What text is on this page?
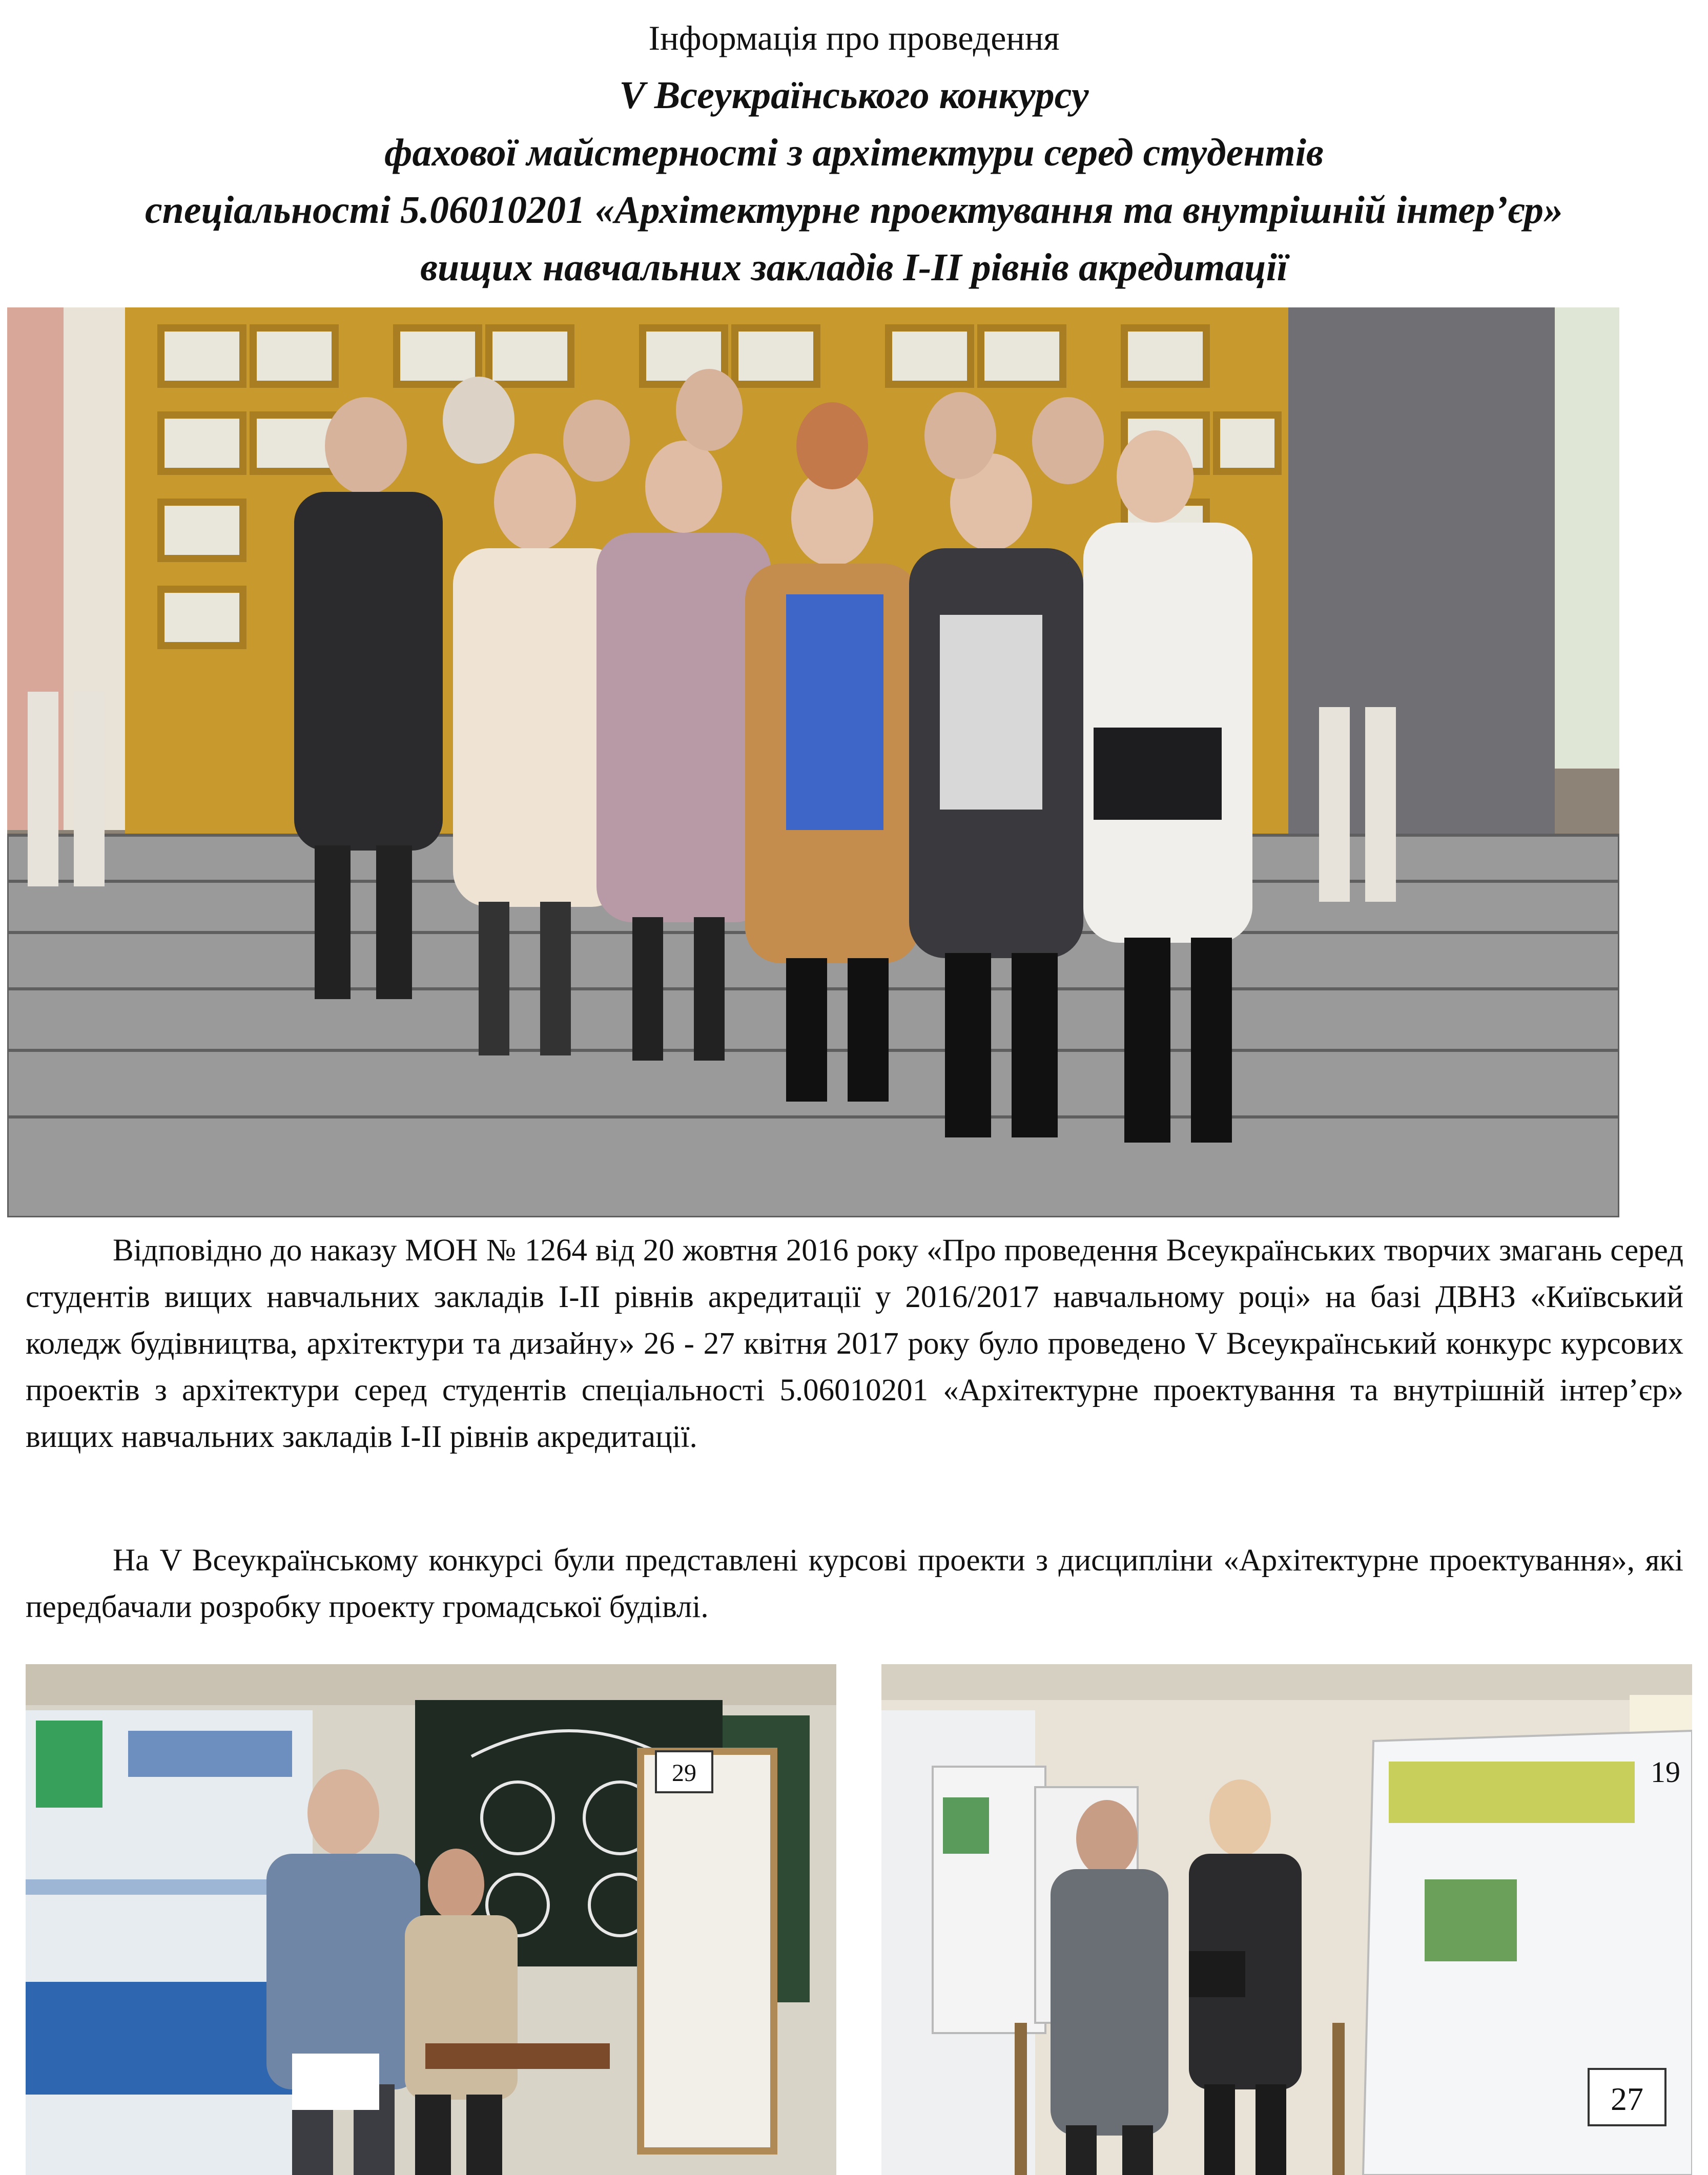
Інформація про проведення
V Всеукраїнського конкурсу
фахової майстерності з архітектури серед студентів
спеціальності 5.06010201 «Архітектурне проектування та внутрішній інтер’єр»
вищих навчальних закладів І-ІІ рівнів акредитації

Відповідно до наказу МОН № 1264 від 20 жовтня 2016 року «Про проведення Всеукраїнських творчих змагань серед студентів вищих навчальних закладів І-ІІ рівнів акредитації у 2016/2017 навчальному році» на базі ДВНЗ «Київський коледж будівництва, архітектури та дизайну» 26 - 27 квітня 2017 року було проведено V Всеукраїнський конкурс курсових проектів з архітектури серед студентів спеціальності 5.06010201 «Архітектурне проектування та внутрішній інтер’єр» вищих навчальних закладів І-ІІ рівнів акредитації.

На V Всеукраїнському конкурсі були представлені курсові проекти з дисципліни «Архітектурне проектування», які передбачали розробку проекту громадської будівлі.

29	19
27
